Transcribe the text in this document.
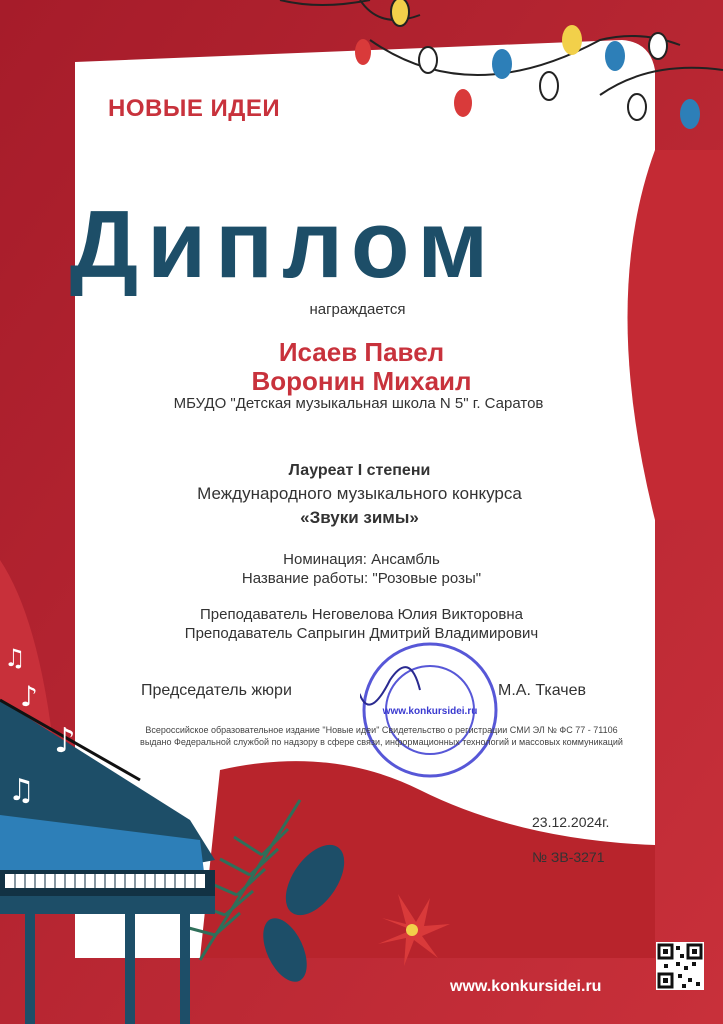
♫
♪
♪
♫
НОВЫЕ ИДЕИ
Диплом
награждается
Исаев Павел
Воронин Михаил
МБУДО "Детская музыкальная школа N 5" г. Саратов
Лауреат I степени
Международного музыкального конкурса
«Звуки зимы»
Номинация: Ансамбль
Название работы: "Розовые розы"
Преподаватель Неговелова Юлия Викторовна
Преподаватель Сапрыгин Дмитрий Владимирович
Председатель жюри	М.А. Ткачев
www.konkursidei.ru
Всероссийское образовательное издание "Новые идеи" Свидетельство о регистрации СМИ ЭЛ № ФС 77 - 71106
выдано Федеральной службой по надзору в сфере связи, информационных технологий и массовых коммуникаций
23.12.2024г.
№ ЗВ-3271
www.konkursidei.ru
